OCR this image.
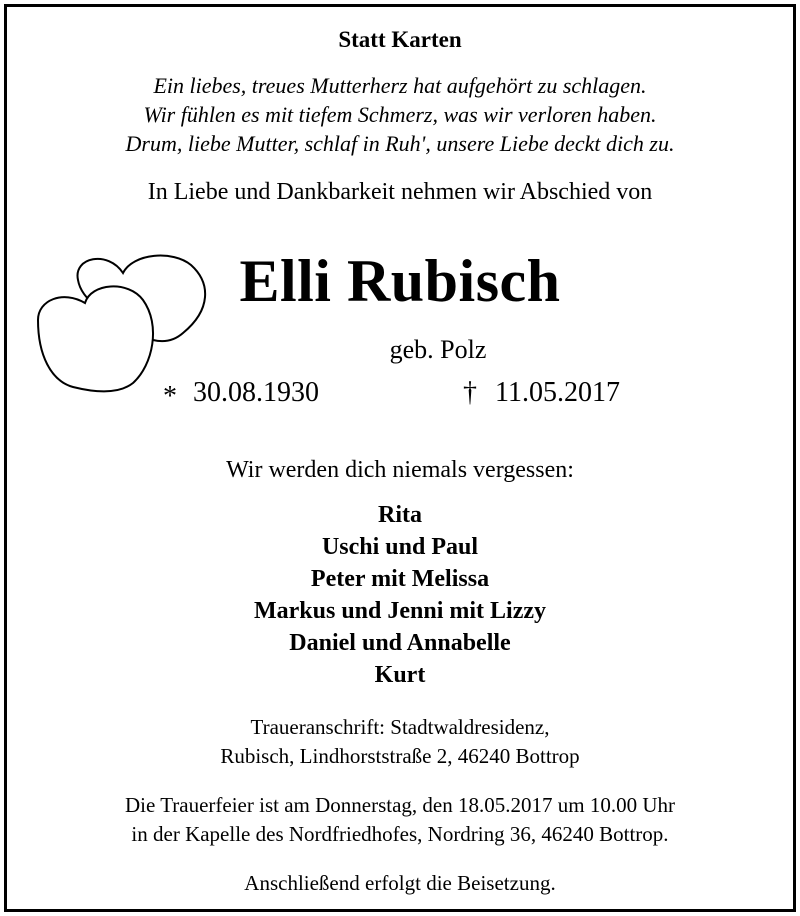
Statt Karten
Ein liebes, treues Mutterherz hat aufgehört zu schlagen.
Wir fühlen es mit tiefem Schmerz, was wir verloren haben.
Drum, liebe Mutter, schlaf in Ruh', unsere Liebe deckt dich zu.
In Liebe und Dankbarkeit nehmen wir Abschied von
Elli Rubisch
geb. Polz
* 30.08.1930	† 11.05.2017
Wir werden dich niemals vergessen:
Rita
Uschi und Paul
Peter mit Melissa
Markus und Jenni mit Lizzy
Daniel und Annabelle
Kurt
Traueranschrift: Stadtwaldresidenz,
Rubisch, Lindhorststraße 2, 46240 Bottrop
Die Trauerfeier ist am Donnerstag, den 18.05.2017 um 10.00 Uhr
in der Kapelle des Nordfriedhofes, Nordring 36, 46240 Bottrop.
Anschließend erfolgt die Beisetzung.
